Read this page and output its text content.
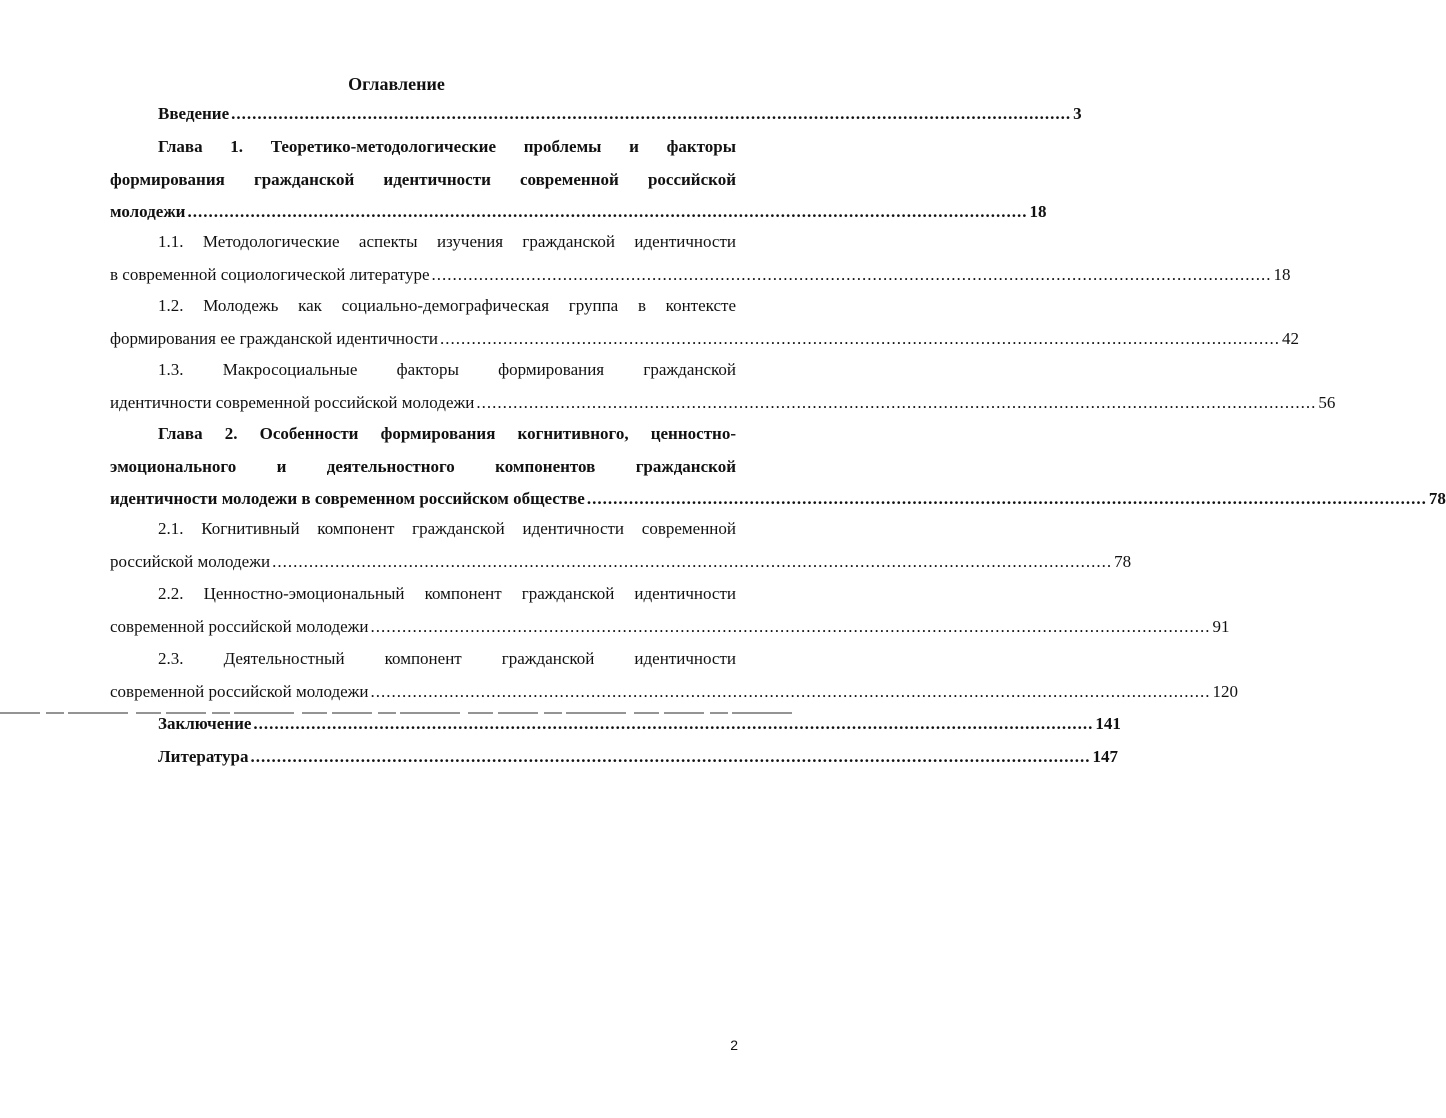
Оглавление
Введение ................................................................................................................................................................ 3
Глава 1. Теоретико-методологические проблемы и факторы
формирования гражданской идентичности современной российской
молодежи ................................................................................................................................................................ 18
1.1. Методологические аспекты изучения гражданской идентичности
в современной социологической литературе ................................................................................................................................................................ 18
1.2. Молодежь как социально-демографическая группа в контексте
формирования ее гражданской идентичности ................................................................................................................................................................ 42
1.3. Макросоциальные факторы формирования гражданской
идентичности современной российской молодежи ................................................................................................................................................................ 56
Глава 2. Особенности формирования когнитивного, ценностно-
эмоционального и деятельностного компонентов гражданской
идентичности молодежи в современном российском обществе ................................................................................................................................................................ 78
2.1. Когнитивный компонент гражданской идентичности современной
российской молодежи ................................................................................................................................................................ 78
2.2. Ценностно-эмоциональный компонент гражданской идентичности
современной российской молодежи ................................................................................................................................................................ 91
2.3. Деятельностный компонент гражданской идентичности
современной российской молодежи ................................................................................................................................................................ 120
Заключение ................................................................................................................................................................ 141
Литература ................................................................................................................................................................ 147
2
